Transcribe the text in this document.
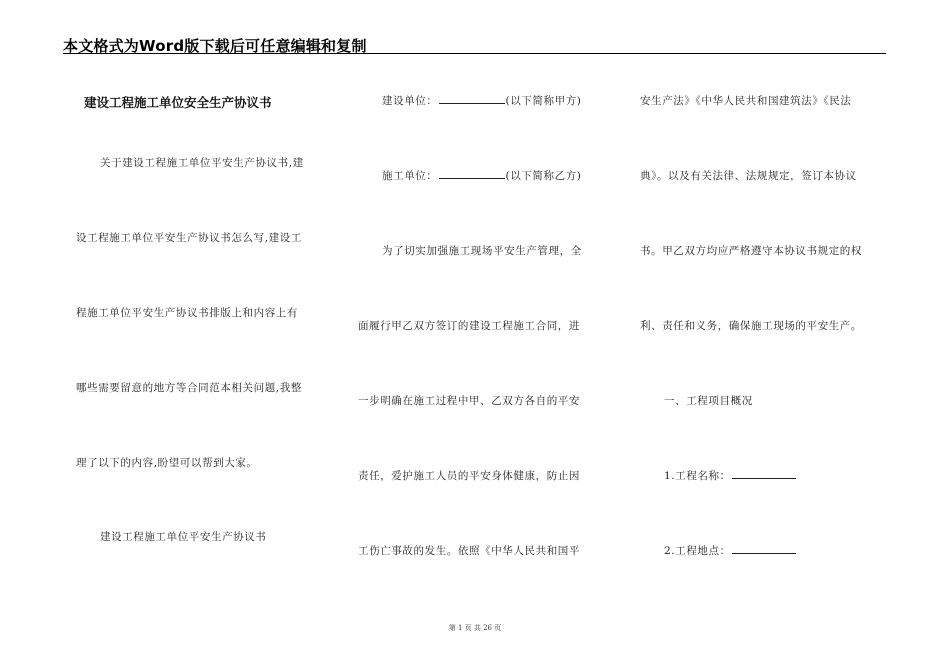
本文格式为Word版下载后可任意编辑和复制
建设工程施工单位安全生产协议书
关于建设工程施工单位平安生产协议书,建
设工程施工单位平安生产协议书怎么写,建设工
程施工单位平安生产协议书排版上和内容上有
哪些需要留意的地方等合同范本相关问题,我整
理了以下的内容,盼望可以帮到大家。
建设工程施工单位平安生产协议书
建设单位：	(以下简称甲方)
施工单位：	(以下简称乙方)
为了切实加强施工现场平安生产管理，全
面履行甲乙双方签订的建设工程施工合同，进
一步明确在施工过程中甲、乙双方各自的平安
责任，爱护施工人员的平安身体健康，防止因
工伤亡事故的发生。依照《中华人民共和国平
安生产法》《中华人民共和国建筑法》《民法
典》。以及有关法律、法规规定，签订本协议
书。甲乙双方均应严格遵守本协议书规定的权
利、责任和义务，确保施工现场的平安生产。
一、工程项目概况
1.工程名称：
2.工程地点：
第 1 页 共 26 页
